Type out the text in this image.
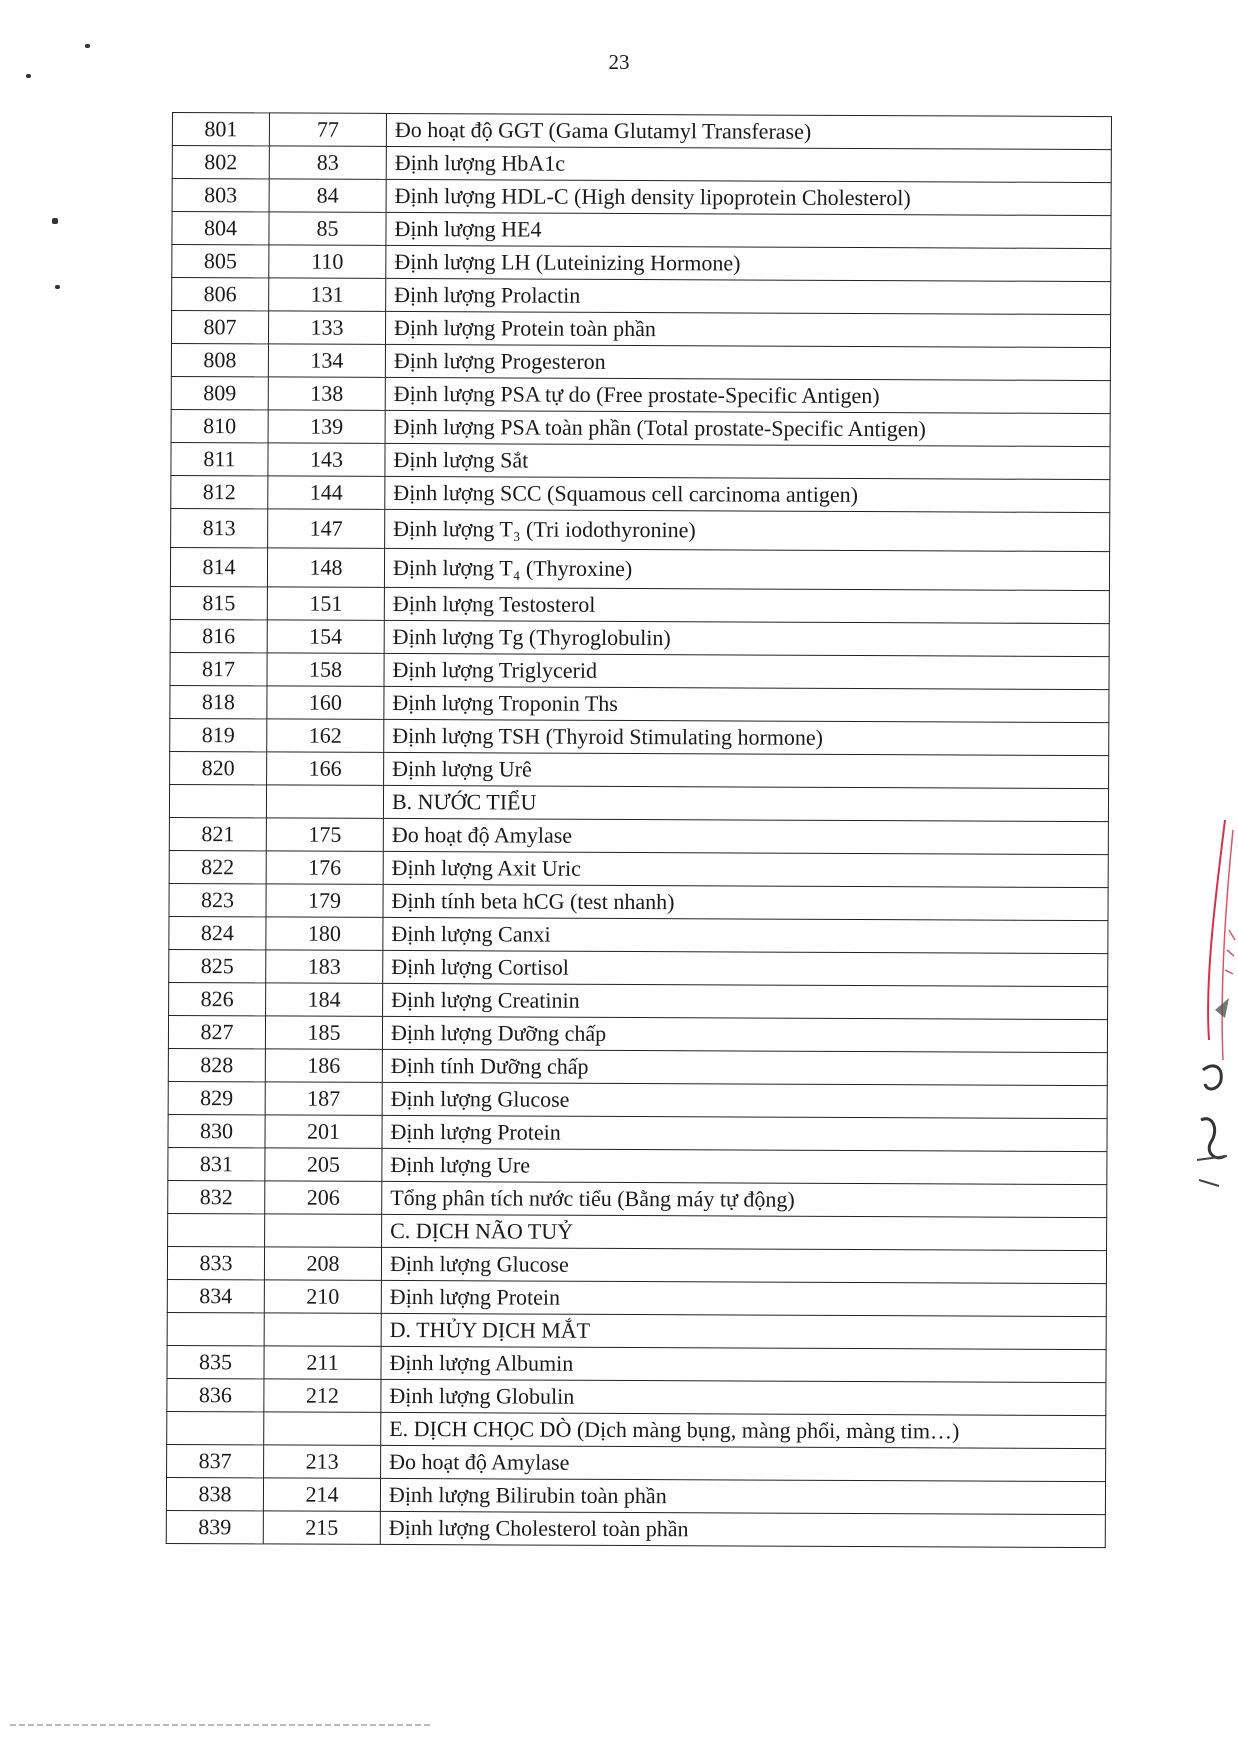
23
801	77	Đo hoạt độ GGT (Gama Glutamyl Transferase)
802	83	Định lượng HbA1c
803	84	Định lượng HDL-C (High density lipoprotein Cholesterol)
804	85	Định lượng HE4
805	110	Định lượng LH (Luteinizing Hormone)
806	131	Định lượng Prolactin
807	133	Định lượng Protein toàn phần
808	134	Định lượng Progesteron
809	138	Định lượng PSA tự do (Free prostate-Specific Antigen)
810	139	Định lượng PSA toàn phần (Total prostate-Specific Antigen)
811	143	Định lượng Sắt
812	144	Định lượng SCC (Squamous cell carcinoma antigen)
813	147	Định lượng T₃ (Tri iodothyronine)
814	148	Định lượng T₄ (Thyroxine)
815	151	Định lượng Testosterol
816	154	Định lượng Tg (Thyroglobulin)
817	158	Định lượng Triglycerid
818	160	Định lượng Troponin Ths
819	162	Định lượng TSH (Thyroid Stimulating hormone)
820	166	Định lượng Urê
		B. NƯỚC TIỂU
821	175	Đo hoạt độ Amylase
822	176	Định lượng Axit Uric
823	179	Định tính beta hCG (test nhanh)
824	180	Định lượng Canxi
825	183	Định lượng Cortisol
826	184	Định lượng Creatinin
827	185	Định lượng Dưỡng chấp
828	186	Định tính Dưỡng chấp
829	187	Định lượng Glucose
830	201	Định lượng Protein
831	205	Định lượng Ure
832	206	Tổng phân tích nước tiểu (Bằng máy tự động)
		C. DỊCH NÃO TUỶ
833	208	Định lượng Glucose
834	210	Định lượng Protein
		D. THỦY DỊCH MẮT
835	211	Định lượng Albumin
836	212	Định lượng Globulin
		E. DỊCH CHỌC DÒ (Dịch màng bụng, màng phổi, màng tim…)
837	213	Đo hoạt độ Amylase
838	214	Định lượng Bilirubin toàn phần
839	215	Định lượng Cholesterol toàn phần
